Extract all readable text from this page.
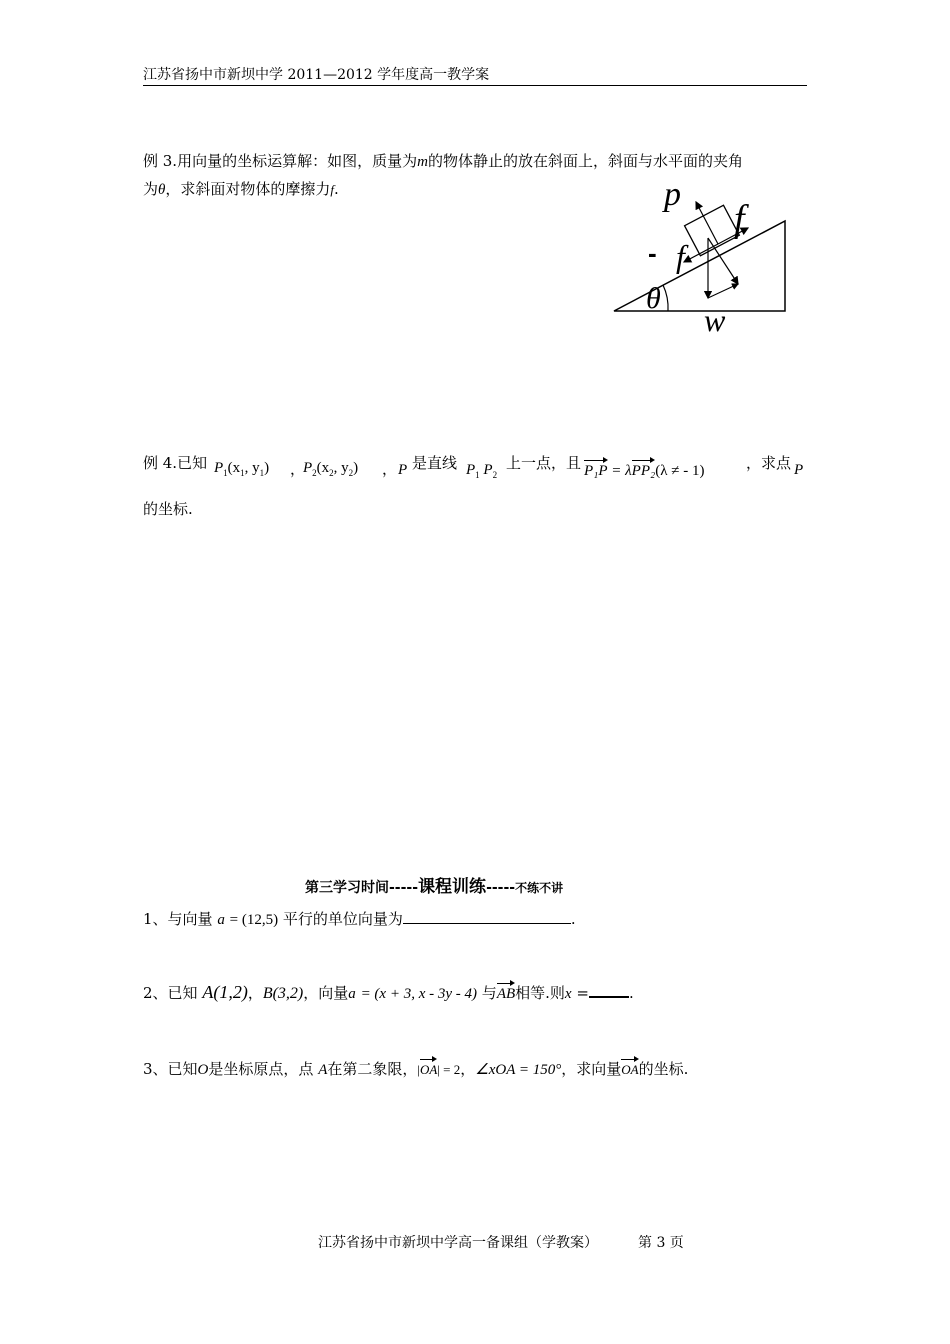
江苏省扬中市新坝中学 2011—2012 学年度高一教学案
例 3.用向量的坐标运算解：如图，质量为m的物体静止的放在斜面上，斜面与水平面的夹角
为θ，求斜面对物体的摩擦力f.	p
f
- f
θ
w
例 4.已知 $P_1(x_1$, $y_1$) ，
$P_2(x_2$, $y_2$) ， P 是直线 $P_1$ $P_2$
上一点，且 P₁P = λPP₂(λ ≠ - 1)	，求点 P
的坐标.
第三学习时间-----课程训练-----不练不讲
1、与向量 a = (12,5) 平行的单位向量为	.
2、已知 A(1,2)，B(3,2)，向量a = (x + 3, x - 3y - 4) 与AB相等.则x =	.
3、已知O是坐标原点，点 A在第二象限，|OA| = 2，∠xOA = 150°，求向量OA的坐标.
江苏省扬中市新坝中学高一备课组（学教案）	第 3 页
